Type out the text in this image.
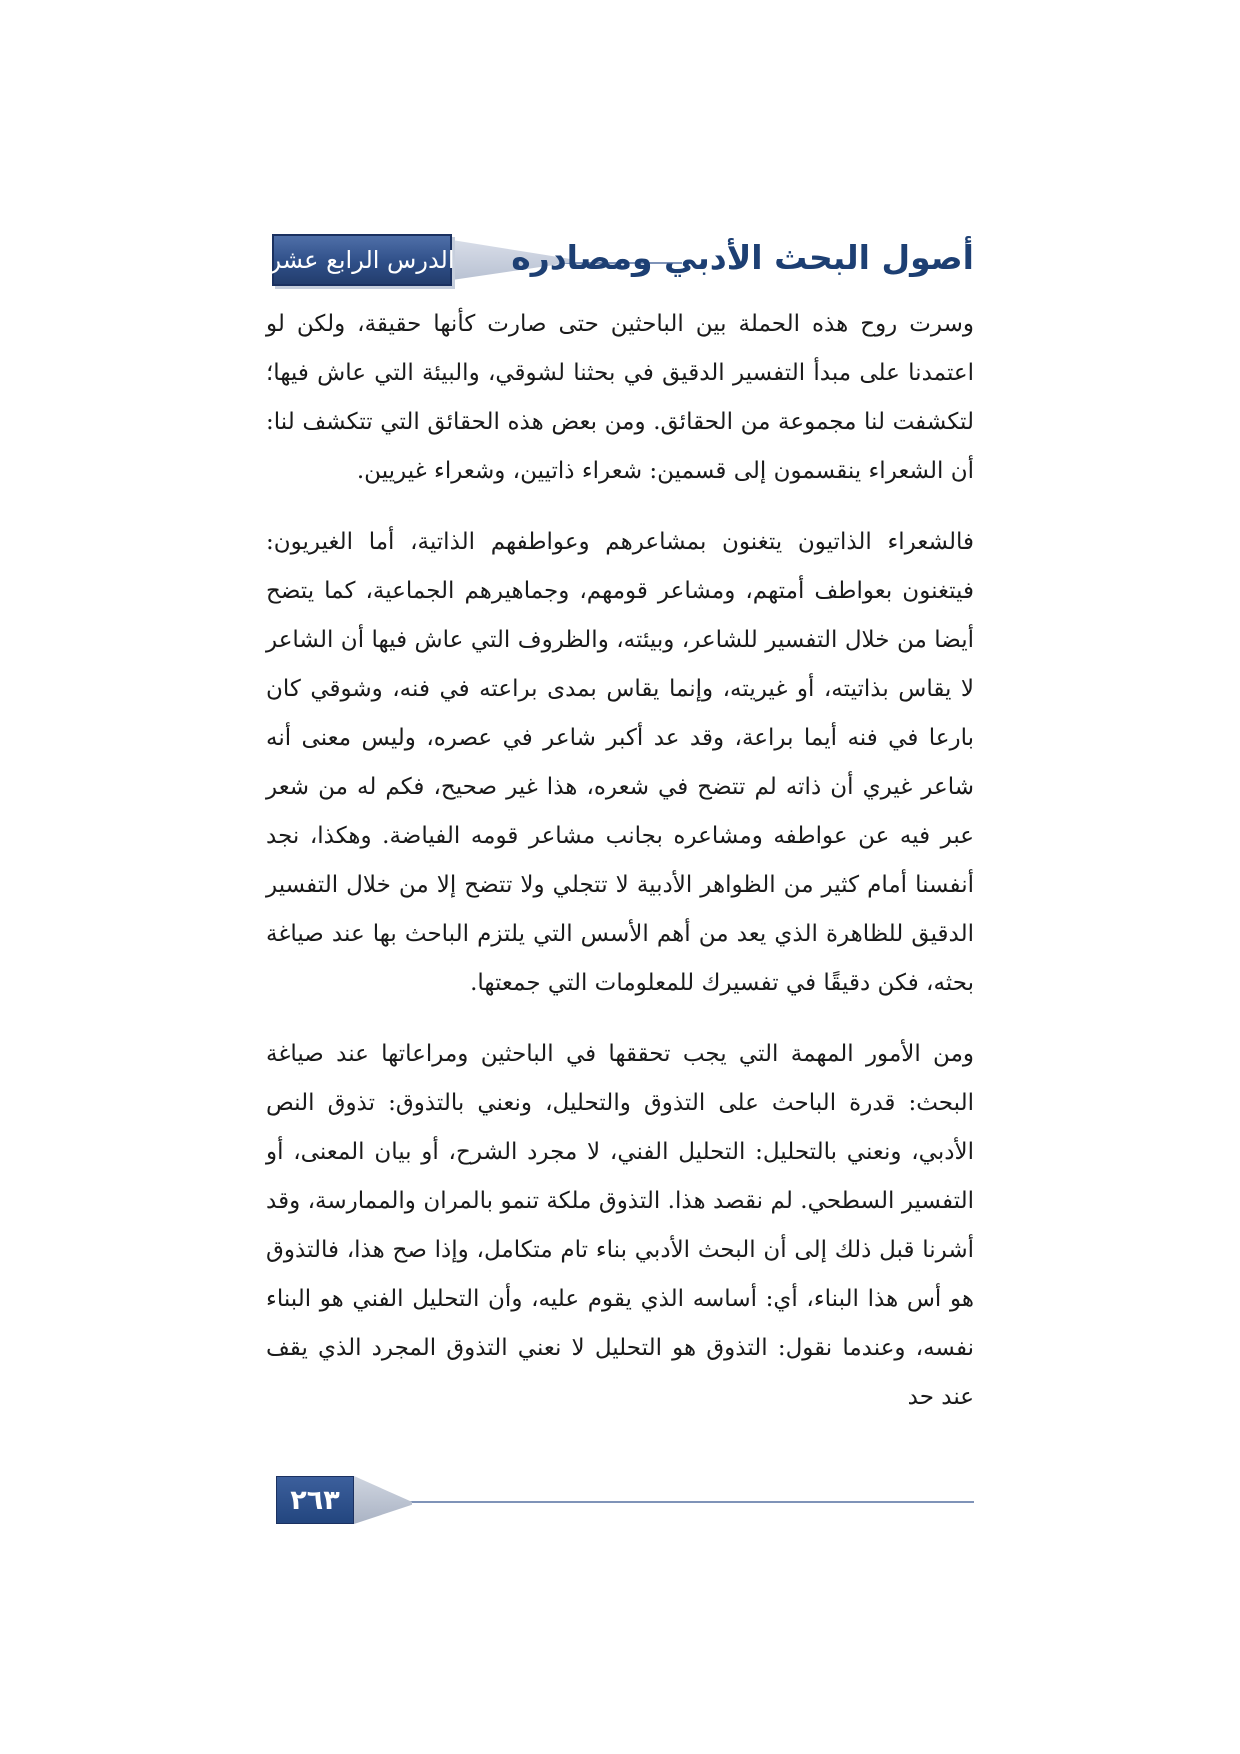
الدرس الرابع عشر أصول البحث الأدبي ومصادره

وسرت روح هذه الحملة بين الباحثين حتى صارت كأنها حقيقة، ولكن لو اعتمدنا على مبدأ التفسير الدقيق في بحثنا لشوقي، والبيئة التي عاش فيها؛ لتكشفت لنا مجموعة من الحقائق. ومن بعض هذه الحقائق التي تتكشف لنا: أن الشعراء ينقسمون إلى قسمين: شعراء ذاتيين، وشعراء غيريين.

فالشعراء الذاتيون يتغنون بمشاعرهم وعواطفهم الذاتية، أما الغيريون: فيتغنون بعواطف أمتهم، ومشاعر قومهم، وجماهيرهم الجماعية، كما يتضح أيضا من خلال التفسير للشاعر، وبيئته، والظروف التي عاش فيها أن الشاعر لا يقاس بذاتيته، أو غيريته، وإنما يقاس بمدى براعته في فنه، وشوقي كان بارعا في فنه أيما براعة، وقد عد أكبر شاعر في عصره، وليس معنى أنه شاعر غيري أن ذاته لم تتضح في شعره، هذا غير صحيح، فكم له من شعر عبر فيه عن عواطفه ومشاعره بجانب مشاعر قومه الفياضة. وهكذا، نجد أنفسنا أمام كثير من الظواهر الأدبية لا تتجلي ولا تتضح إلا من خلال التفسير الدقيق للظاهرة الذي يعد من أهم الأسس التي يلتزم الباحث بها عند صياغة بحثه، فكن دقيقًا في تفسيرك للمعلومات التي جمعتها.

ومن الأمور المهمة التي يجب تحققها في الباحثين ومراعاتها عند صياغة البحث: قدرة الباحث على التذوق والتحليل، ونعني بالتذوق: تذوق النص الأدبي، ونعني بالتحليل: التحليل الفني، لا مجرد الشرح، أو بيان المعنى، أو التفسير السطحي. لم نقصد هذا. التذوق ملكة تنمو بالمران والممارسة، وقد أشرنا قبل ذلك إلى أن البحث الأدبي بناء تام متكامل، وإذا صح هذا، فالتذوق هو أس هذا البناء، أي: أساسه الذي يقوم عليه، وأن التحليل الفني هو البناء نفسه، وعندما نقول: التذوق هو التحليل لا نعني التذوق المجرد الذي يقف عند حد

٢٦٣
